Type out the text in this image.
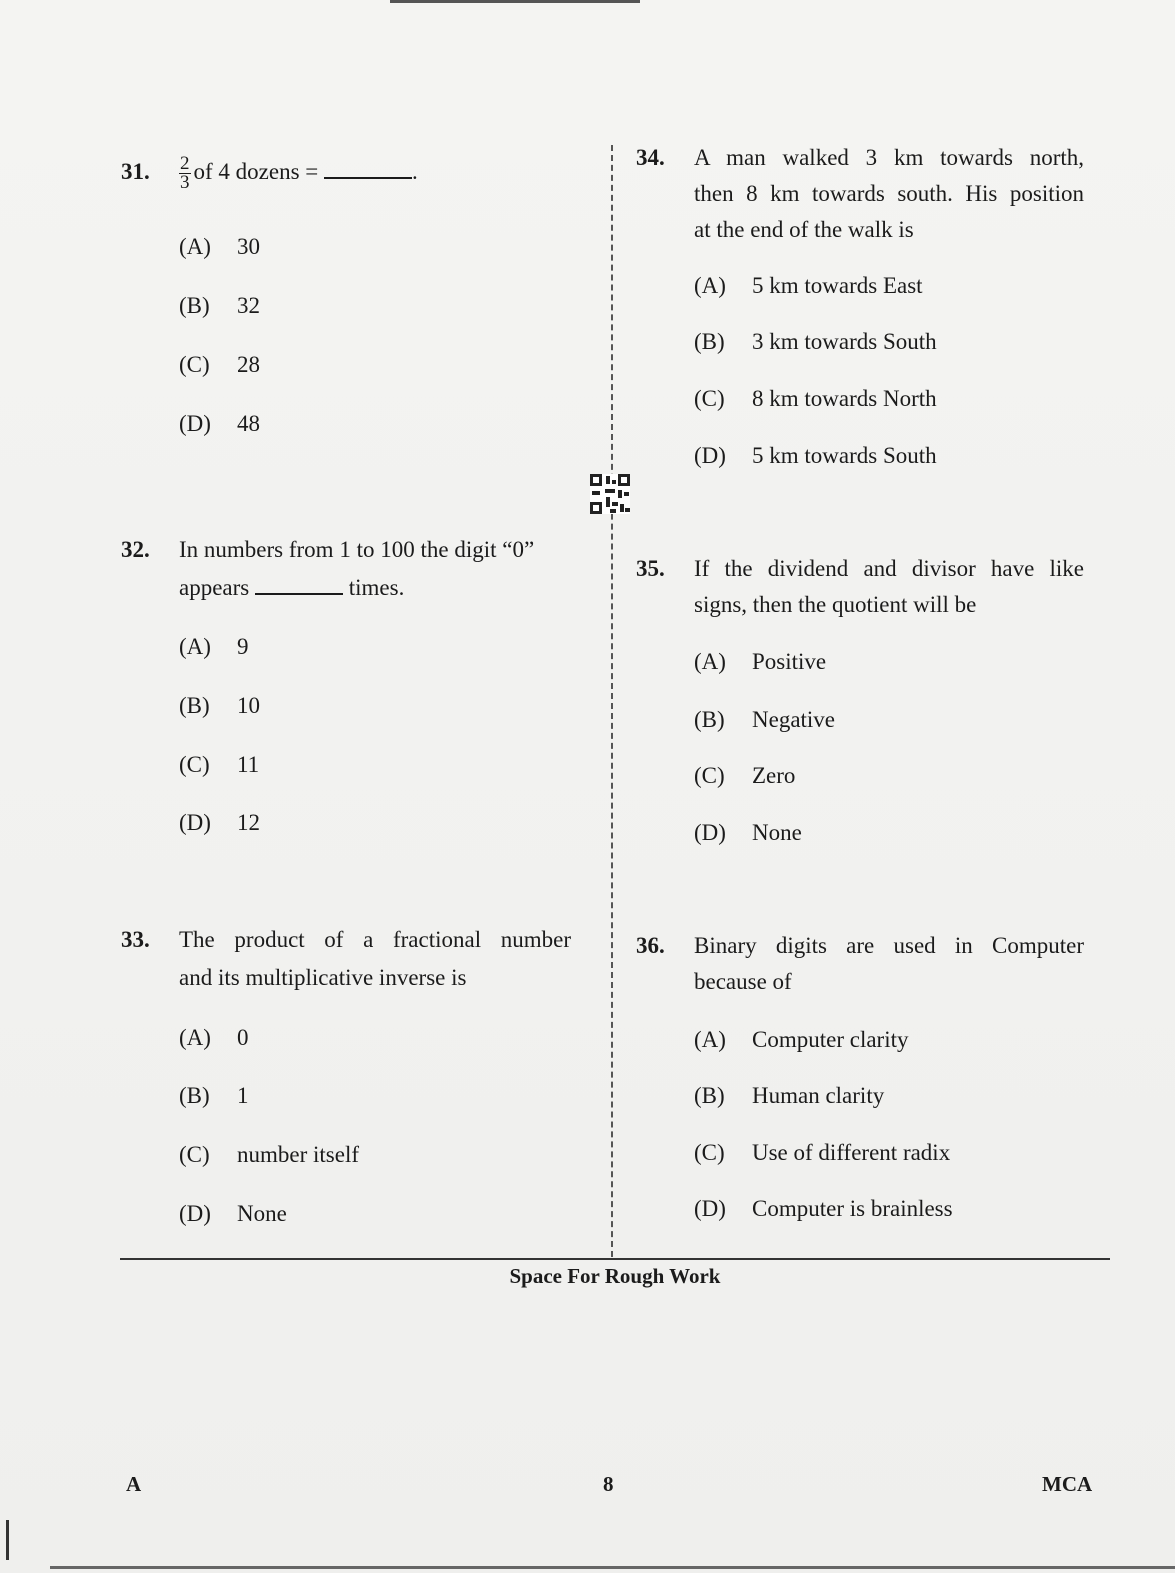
31. $\frac{2}{3}$ of 4 dozens =	.
(A) 30
(B) 32
(C) 28
(D) 48
32. In numbers from 1 to 100 the digit “0”
appears	times.
(A) 9
(B) 10
(C) 11
(D) 12
33. The product of a fractional number
and its multiplicative inverse is
(A) 0
(B) 1
(C) number itself
(D) None
34. A man walked 3 km towards north,
then 8 km towards south. His position
at the end of the walk is
(A) 5 km towards East
(B) 3 km towards South
(C) 8 km towards North
(D) 5 km towards South
35. If the dividend and divisor have like
signs, then the quotient will be
(A) Positive
(B) Negative
(C) Zero
(D) None
36. Binary digits are used in Computer
because of
(A) Computer clarity
(B) Human clarity
(C) Use of different radix
(D) Computer is brainless
Space For Rough Work
A	8	MCA
